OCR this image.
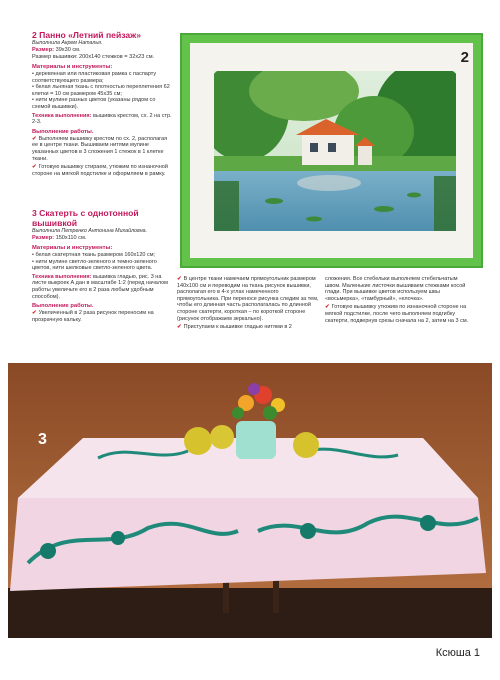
2 Панно «Летний пейзаж»
Выполнила Акрем Наталья.
Размер: 39х30 см.
Размер вышивки: 200х140 стежков = 32х23 см.
Материалы и инструменты:
• деревянная или пластиковая рамка с паспарту соответствующего размера;
• белая льняная ткань с плотностью переплетения 62 клетки = 10 см размером 45х35 см;
• нити мулине разных цветов (указаны рядом со схемой вышивки).
Техника выполнения: вышивка крестом, сх. 2 на стр. 2-3.
Выполнение работы.
✔ Выполняем вышивку крестом по сх. 2, располагая ее в центре ткани. Вышиваем нитями мулине указанных цветов в 3 сложения 1 стежок в 1 клетке ткани.
✔ Готовую вышивку стираем, утюжим по изнаночной стороне на мягкой подстилке и оформляем в рамку.
3 Скатерть с однотонной
вышивкой
Выполнила Петренко Антонина Михайловна.
Размер: 150х110 см.
Материалы и инструменты:
• белая скатертная ткань размером 160х120 см;
• нити мулине светло-зеленого и темно-зеленого цветов, нити шелковые светло-зеленого цвета.
Техника выполнения: вышивка гладью, рис. 3 на листе выкроек А дан в масштабе 1:2 (перед началом работы увеличьте его в 2 раза любым удобным способом).
Выполнение работы.
✔ Увеличенный в 2 раза рисунок переносим на прозрачную кальку.
✔ В центре ткани намечаем прямоугольник размером 140х100 см и переводим на ткань рисунок вышивки, располагая его в 4-х углах намеченного прямоугольника. При переносе рисунка следим за тем, чтобы его длинная часть располагалась по длинной стороне скатерти, короткая – по короткой стороне (рисунок отображаем зеркально).
✔ Приступаем к вышивке гладью нитями в 2
сложения. Все стебельки выполняем стебельчатым швом. Маленькие листочки вышиваем стежками косой глади. При вышивке цветов используем швы «восьмерка», «тамбурный», «елочка».
✔ Готовую вышивку утюжим по изнаночной стороне на мягкой подстилке, после чего выполняем подгибку скатерти, подвернув срезы сначала на 2, затем на 3 см.
2
3
Ксюша 1
